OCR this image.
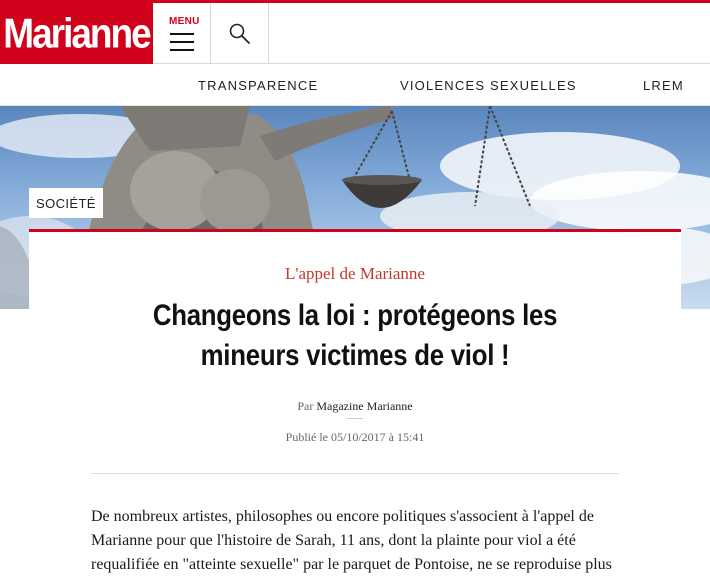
Marianne MENU
TRANSPARENCE	VIOLENCES SEXUELLES	LREM
SOCIÉTÉ
L'appel de Marianne
Changeons la loi : protégeons les mineurs victimes de viol !
Par Magazine Marianne
Publié le 05/10/2017 à 15:41

De nombreux artistes, philosophes ou encore politiques s'associent à l'appel de Marianne pour que l'histoire de Sarah, 11 ans, dont la plainte pour viol a été requalifiée en "atteinte sexuelle" par le parquet de Pontoise, ne se reproduise plus
